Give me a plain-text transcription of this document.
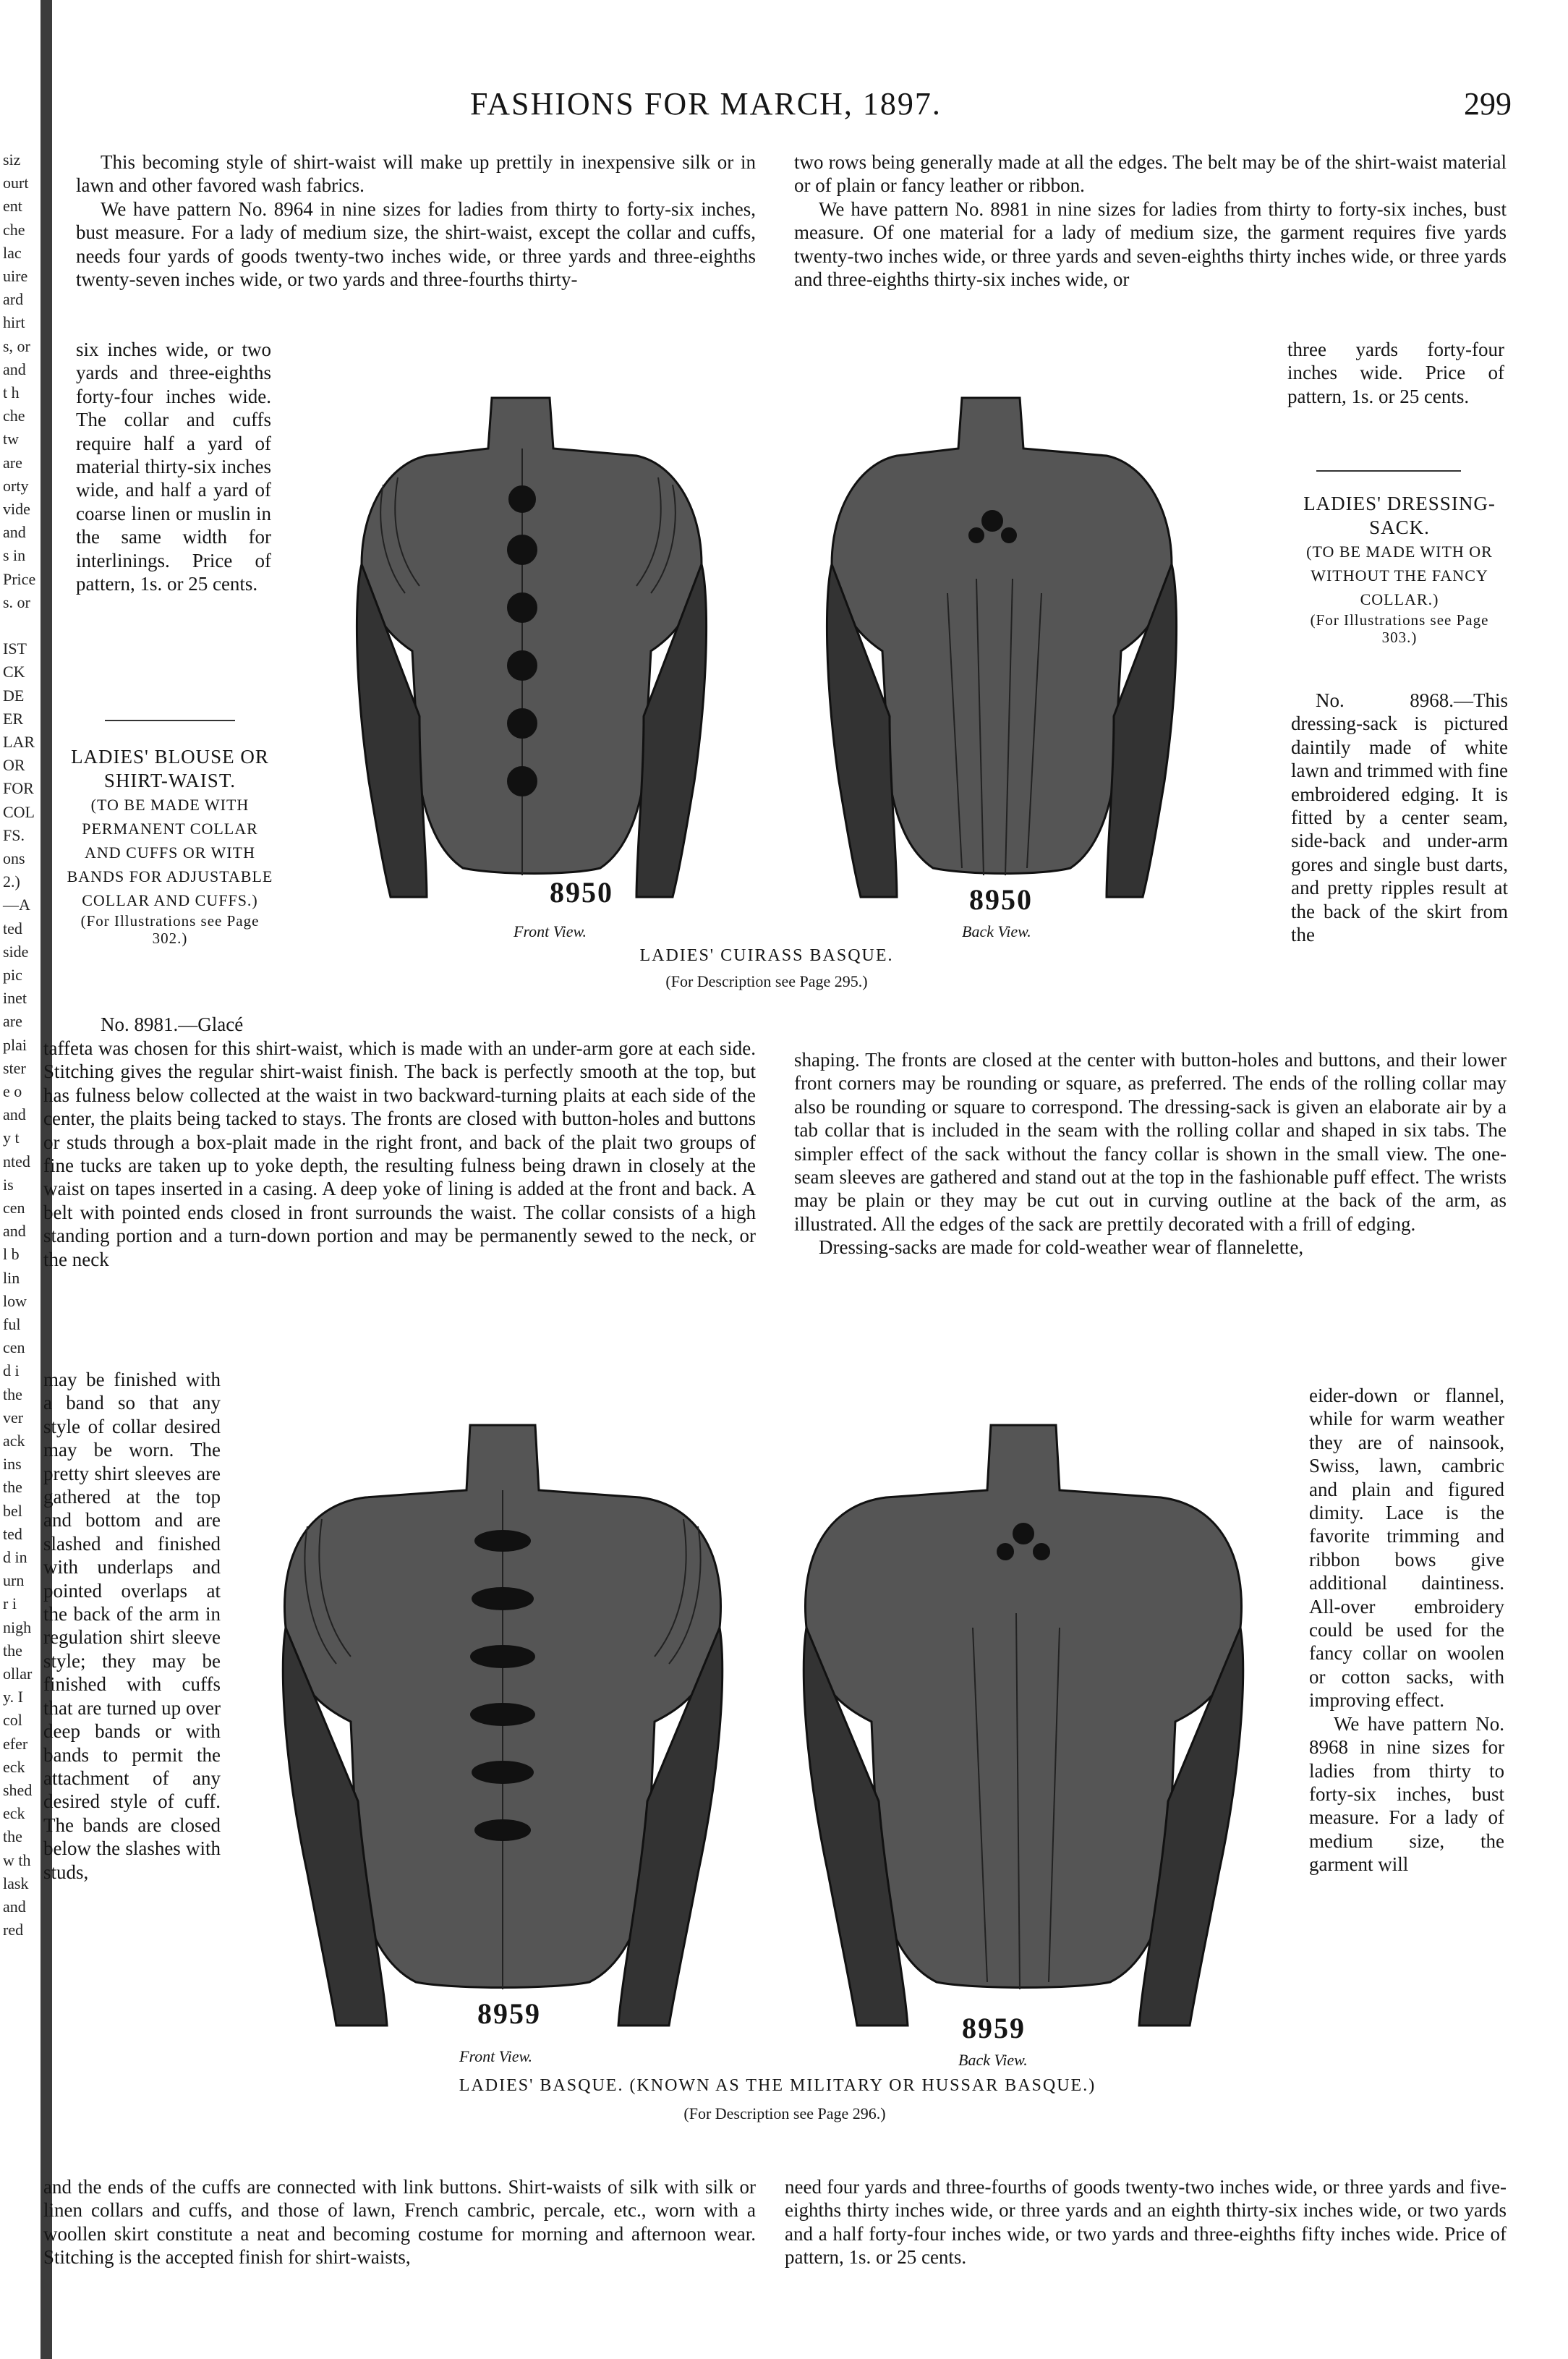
FASHIONS FOR MARCH, 1897.	299
siz
ourt
ent
che
lac
uire
ard
hirt
s, or
and
t h
che
tw
are
orty
vide
and
s in
Price
s. or
IST
CK
DE
ER
LAR
OR
FOR
COL
FS.
ons
2.)
—A
ted
side
pic
inet
are
plai
ster
e o
and
y t
nted
is
cen
and
l b
lin
low
ful
cen
d i
the
ver
ack
ins
the
bel
ted
d in
urn
r i
nigh
the
ollar
y. I
col
efer
eck
shed
eck
the
w th
lask
and
red

This becoming style of shirt-waist will make up prettily in inexpensive silk or in lawn and other favored wash fabrics.

We have pattern No. 8964 in nine sizes for ladies from thirty to forty-six inches, bust measure. For a lady of medium size, the shirt-waist, except the collar and cuffs, needs four yards of goods twenty-two inches wide, or three yards and three-eighths twenty-seven inches wide, or two yards and three-fourths thirty-

six inches wide, or two yards and three-eighths forty-four inches wide. The collar and cuffs require half a yard of material thirty-six inches wide, and half a yard of coarse linen or muslin in the same width for interlinings. Price of pattern, 1s. or 25 cents.

LADIES' BLOUSE OR SHIRT-WAIST.
(TO BE MADE WITH PERMANENT COLLAR AND CUFFS OR WITH BANDS FOR ADJUSTABLE COLLAR AND CUFFS.)
(For Illustrations see Page 302.)

No. 8981.—Glacé

taffeta was chosen for this shirt-waist, which is made with an under-arm gore at each side. Stitching gives the regular shirt-waist finish. The back is perfectly smooth at the top, but has fulness below collected at the waist in two backward-turning plaits at each side of the center, the plaits being tacked to stays. The fronts are closed with button-holes and buttons or studs through a box-plait made in the right front, and back of the plait two groups of fine tucks are taken up to yoke depth, the resulting fulness being drawn in closely at the waist on tapes inserted in a casing. A deep yoke of lining is added at the front and back. A belt with pointed ends closed in front surrounds the waist. The collar consists of a high standing portion and a turn-down portion and may be permanently sewed to the neck, or the neck

may be finished with a band so that any style of collar desired may be worn. The pretty shirt sleeves are gathered at the top and bottom and are slashed and finished with underlaps and pointed overlaps at the back of the arm in regulation shirt sleeve style; they may be finished with cuffs that are turned up over deep bands or with bands to permit the attachment of any desired style of cuff. The bands are closed below the slashes with studs,

and the ends of the cuffs are connected with link buttons. Shirt-waists of silk with silk or linen collars and cuffs, and those of lawn, French cambric, percale, etc., worn with a woollen skirt constitute a neat and becoming costume for morning and afternoon wear. Stitching is the accepted finish for shirt-waists,

two rows being generally made at all the edges. The belt may be of the shirt-waist material or of plain or fancy leather or ribbon.

We have pattern No. 8981 in nine sizes for ladies from thirty to forty-six inches, bust measure. Of one material for a lady of medium size, the garment requires five yards twenty-two inches wide, or three yards and seven-eighths thirty inches wide, or three yards and three-eighths thirty-six inches wide, or

three yards forty-four inches wide. Price of pattern, 1s. or 25 cents.

LADIES' DRESSING-SACK.
(TO BE MADE WITH OR WITHOUT THE FANCY COLLAR.)
(For Illustrations see Page 303.)

No. 8968.—This dressing-sack is pictured daintily made of white lawn and trimmed with fine embroidered edging. It is fitted by a center seam, side-back and under-arm gores and single bust darts, and pretty ripples result at the back of the skirt from the

shaping. The fronts are closed at the center with button-holes and buttons, and their lower front corners may be rounding or square, as preferred. The ends of the rolling collar may also be rounding or square to correspond. The dressing-sack is given an elaborate air by a tab collar that is included in the seam with the rolling collar and shaped in six tabs. The simpler effect of the sack without the fancy collar is shown in the small view. The one-seam sleeves are gathered and stand out at the top in the fashionable puff effect. The wrists may be plain or they may be cut out in curving outline at the back of the arm, as illustrated. All the edges of the sack are prettily decorated with a frill of edging.

Dressing-sacks are made for cold-weather wear of flannelette,

eider-down or flannel, while for warm weather they are of nainsook, Swiss, lawn, cambric and plain and figured dimity. Lace is the favorite trimming and ribbon bows give additional daintiness. All-over embroidery could be used for the fancy collar on woolen or cotton sacks, with improving effect.

We have pattern No. 8968 in nine sizes for ladies from thirty to forty-six inches, bust measure. For a lady of medium size, the garment will

need four yards and three-fourths of goods twenty-two inches wide, or three yards and five-eighths thirty inches wide, or three yards and an eighth thirty-six inches wide, or two yards and a half forty-four inches wide, or two yards and three-eighths fifty inches wide. Price of pattern, 1s. or 25 cents.

8950	8950
Front View.	Back View.
LADIES' CUIRASS BASQUE.
(For Description see Page 295.)
8959	8959
Front View.	Back View.
LADIES' BASQUE. (KNOWN AS THE MILITARY OR HUSSAR BASQUE.)
(For Description see Page 296.)
